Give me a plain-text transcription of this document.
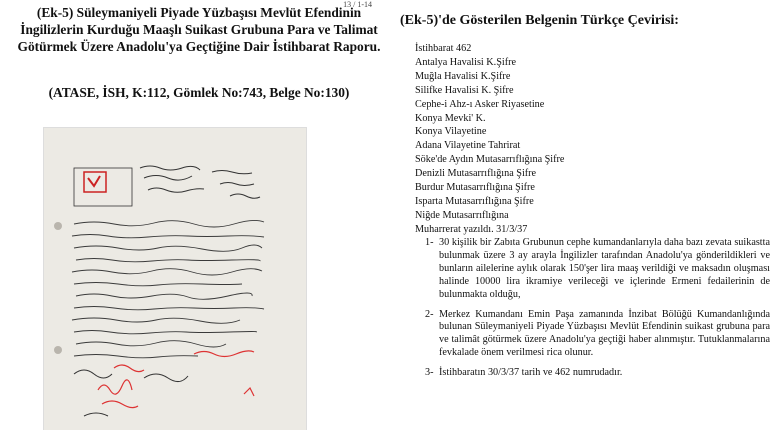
13 / 1-14

(Ek-5) Süleymaniyeli Piyade Yüzbaşısı Mevlüt Efendinin İngilizlerin Kurduğu Maaşlı Suikast Grubuna Para ve Talimat Götürmek Üzere Anadolu'ya Geçtiğine Dair İstihbarat Raporu.

(ATASE, İSH, K:112, Gömlek No:743, Belge No:130)

(Ek-5)'de Gösterilen Belgenin Türkçe Çevirisi:
İstihbarat 462
Antalya Havalisi K.Şifre
Muğla Havalisi K.Şifre
Silifke Havalisi K. Şifre
Cephe-i Ahz-ı Asker Riyasetine
Konya Mevki' K.
Konya Vilayetine
Adana Vilayetine Tahrirat
Söke'de Aydın Mutasarrıflığına Şifre
Denizli Mutasarrıflığına Şifre
Burdur Mutasarrıflığına Şifre
Isparta Mutasarrıflığına Şifre
Niğde Mutasarrıflığına
Muharrerat yazıldı. 31/3/37
1- 30 kişilik bir Zabıta Grubunun cephe kumandanlarıyla daha bazı zevata suikastta bulunmak üzere 3 ay arayla İngilizler tarafından Anadolu'ya gönderildikleri ve bunların ailelerine aylık olarak 150'şer lira maaş verildiği ve maksadın oluşması halinde 10000 lira ikramiye verileceği ve içlerinde Ermeni fedailerinin de bulunmakta olduğu,
2- Merkez Kumandanı Emin Paşa zamanında İnzibat Bölüğü Kumandanlığında bulunan Süleymaniyeli Piyade Yüzbaşısı Mevlüt Efendinin suikast grubuna para ve talimât götürmek üzere Anadolu'ya geçtiği haber alınmıştır. Tutuklanmalarına fevkalade önem verilmesi rica olunur.
3- İstihbaratın 30/3/37 tarih ve 462 numrudadır.
